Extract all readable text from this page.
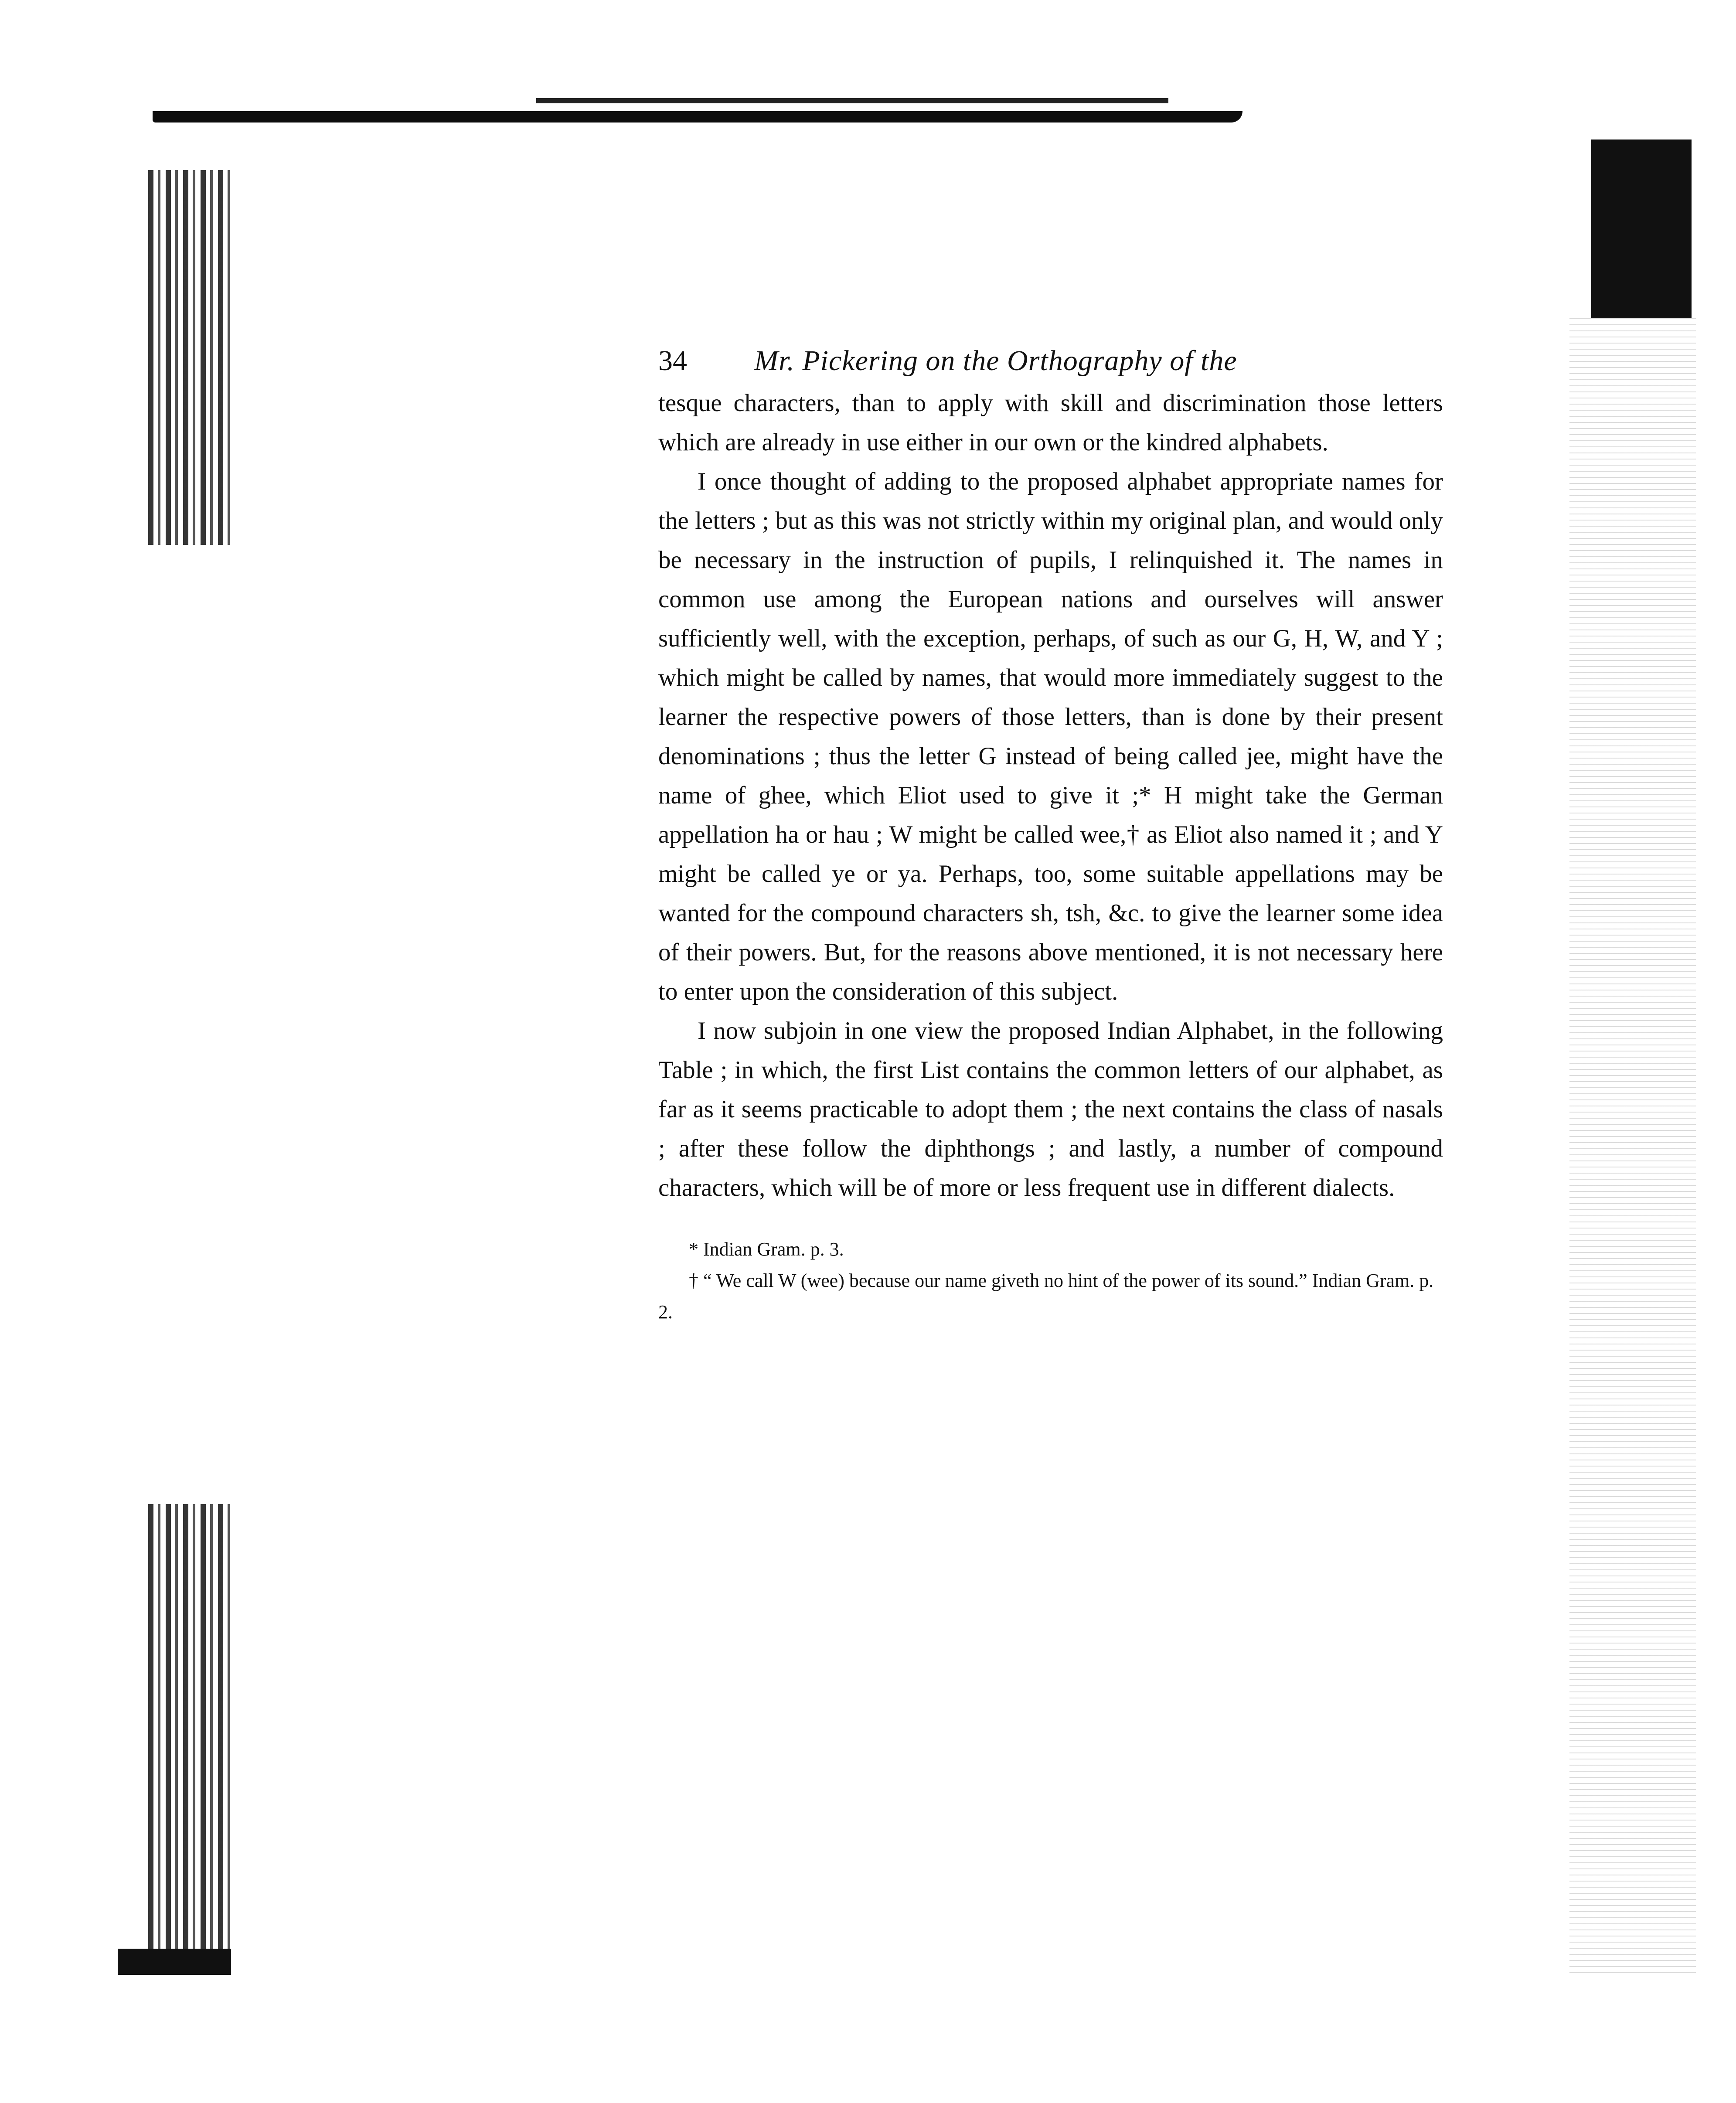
34 Mr. Pickering on the Orthography of the

tesque characters, than to apply with skill and discrimination those letters which are already in use either in our own or the kindred alphabets.

I once thought of adding to the proposed alphabet appropriate names for the letters ; but as this was not strictly within my original plan, and would only be necessary in the instruction of pupils, I relinquished it. The names in common use among the European nations and ourselves will answer sufficiently well, with the exception, perhaps, of such as our G, H, W, and Y ; which might be called by names, that would more immediately suggest to the learner the respective powers of those letters, than is done by their present denominations ; thus the letter G instead of being called jee, might have the name of ghee, which Eliot used to give it ;* H might take the German appellation ha or hau ; W might be called wee,† as Eliot also named it ; and Y might be called ye or ya. Perhaps, too, some suitable appellations may be wanted for the compound characters sh, tsh, &c. to give the learner some idea of their powers. But, for the reasons above mentioned, it is not necessary here to enter upon the consideration of this subject.

I now subjoin in one view the proposed Indian Alphabet, in the following Table ; in which, the first List contains the common letters of our alphabet, as far as it seems practicable to adopt them ; the next contains the class of nasals ; after these follow the diphthongs ; and lastly, a number of compound characters, which will be of more or less frequent use in different dialects.

* Indian Gram. p. 3.

† “ We call W (wee) because our name giveth no hint of the power of its sound.” Indian Gram. p. 2.
